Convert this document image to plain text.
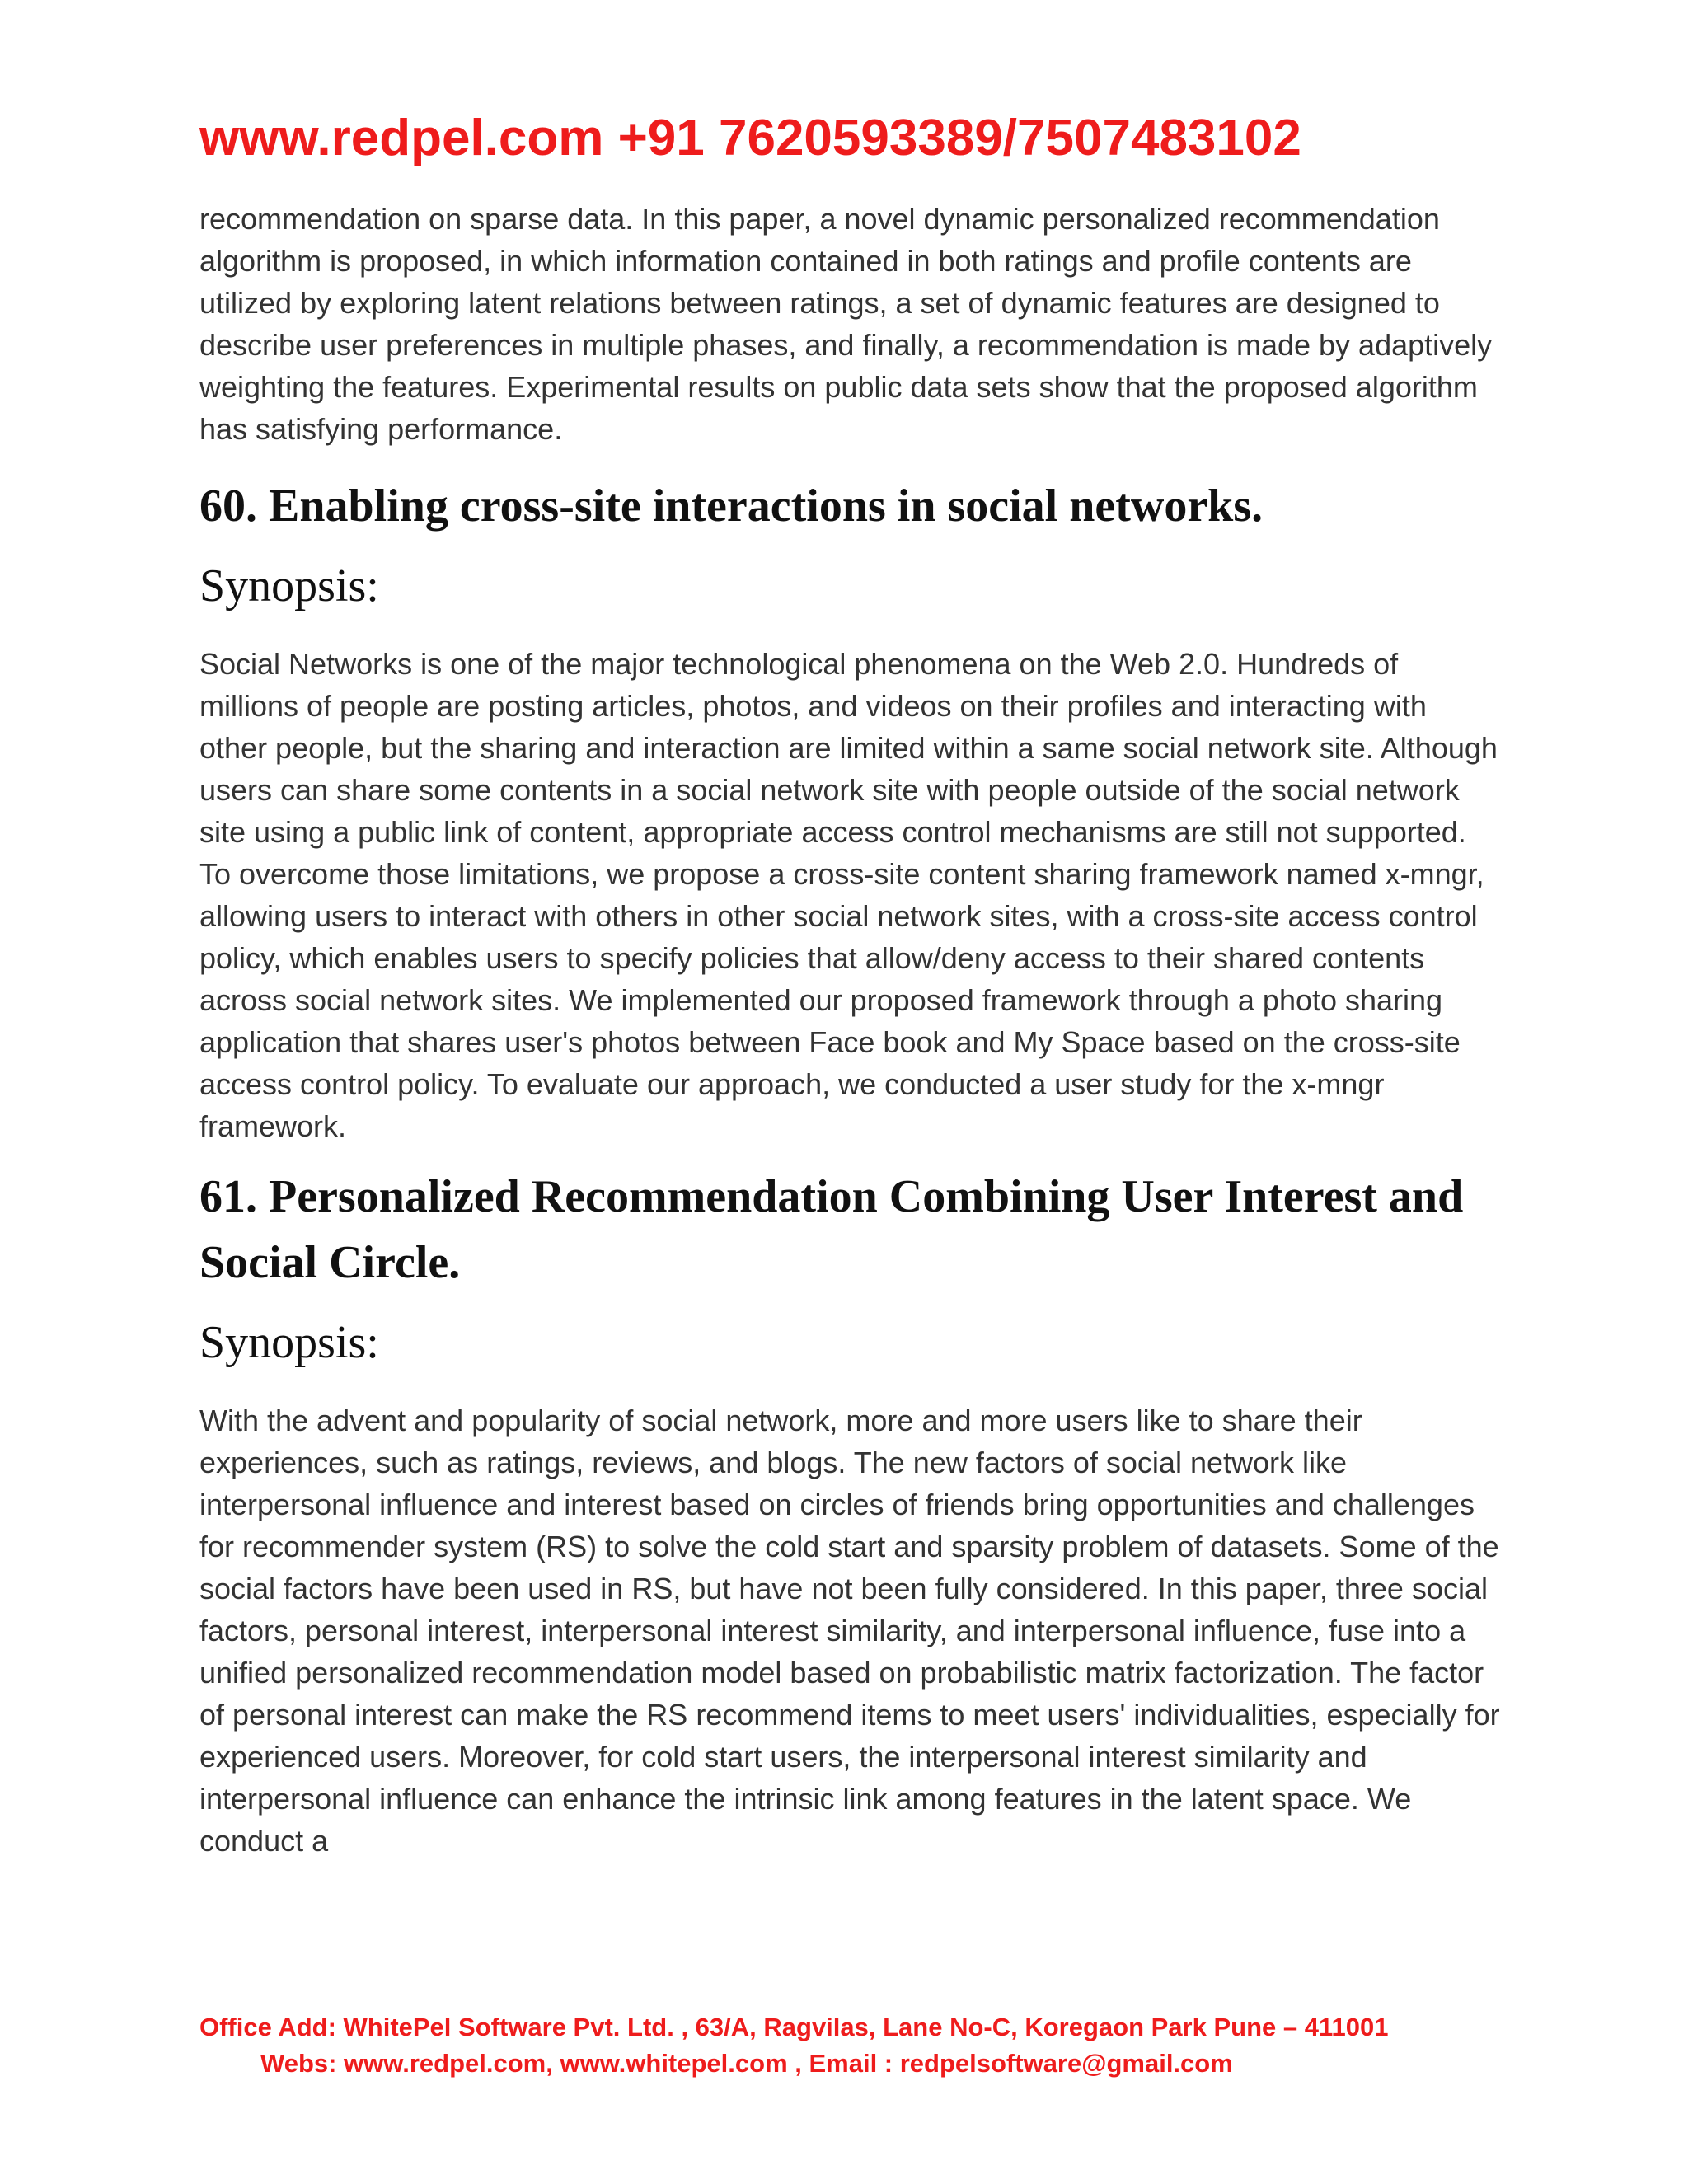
www.redpel.com +91 7620593389/7507483102

recommendation on sparse data. In this paper, a novel dynamic personalized recommendation algorithm is proposed, in which information contained in both ratings and profile contents are utilized by exploring latent relations between ratings, a set of dynamic features are designed to describe user preferences in multiple phases, and finally, a recommendation is made by adaptively weighting the features. Experimental results on public data sets show that the proposed algorithm has satisfying performance.

60. Enabling cross-site interactions in social networks.
Synopsis:

Social Networks is one of the major technological phenomena on the Web 2.0. Hundreds of millions of people are posting articles, photos, and videos on their profiles and interacting with other people, but the sharing and interaction are limited within a same social network site. Although users can share some contents in a social network site with people outside of the social network site using a public link of content, appropriate access control mechanisms are still not supported. To overcome those limitations, we propose a cross-site content sharing framework named x-mngr, allowing users to interact with others in other social network sites, with a cross-site access control policy, which enables users to specify policies that allow/deny access to their shared contents across social network sites. We implemented our proposed framework through a photo sharing application that shares user's photos between Face book and My Space based on the cross-site access control policy. To evaluate our approach, we conducted a user study for the x-mngr framework.

61. Personalized Recommendation Combining User Interest and Social Circle.
Synopsis:

With the advent and popularity of social network, more and more users like to share their experiences, such as ratings, reviews, and blogs. The new factors of social network like interpersonal influence and interest based on circles of friends bring opportunities and challenges for recommender system (RS) to solve the cold start and sparsity problem of datasets. Some of the social factors have been used in RS, but have not been fully considered. In this paper, three social factors, personal interest, interpersonal interest similarity, and interpersonal influence, fuse into a unified personalized recommendation model based on probabilistic matrix factorization. The factor of personal interest can make the RS recommend items to meet users' individualities, especially for experienced users. Moreover, for cold start users, the interpersonal interest similarity and interpersonal influence can enhance the intrinsic link among features in the latent space. We conduct a

Office Add: WhitePel Software Pvt. Ltd. , 63/A, Ragvilas, Lane No-C, Koregaon Park Pune – 411001
Webs: www.redpel.com, www.whitepel.com , Email : redpelsoftware@gmail.com
